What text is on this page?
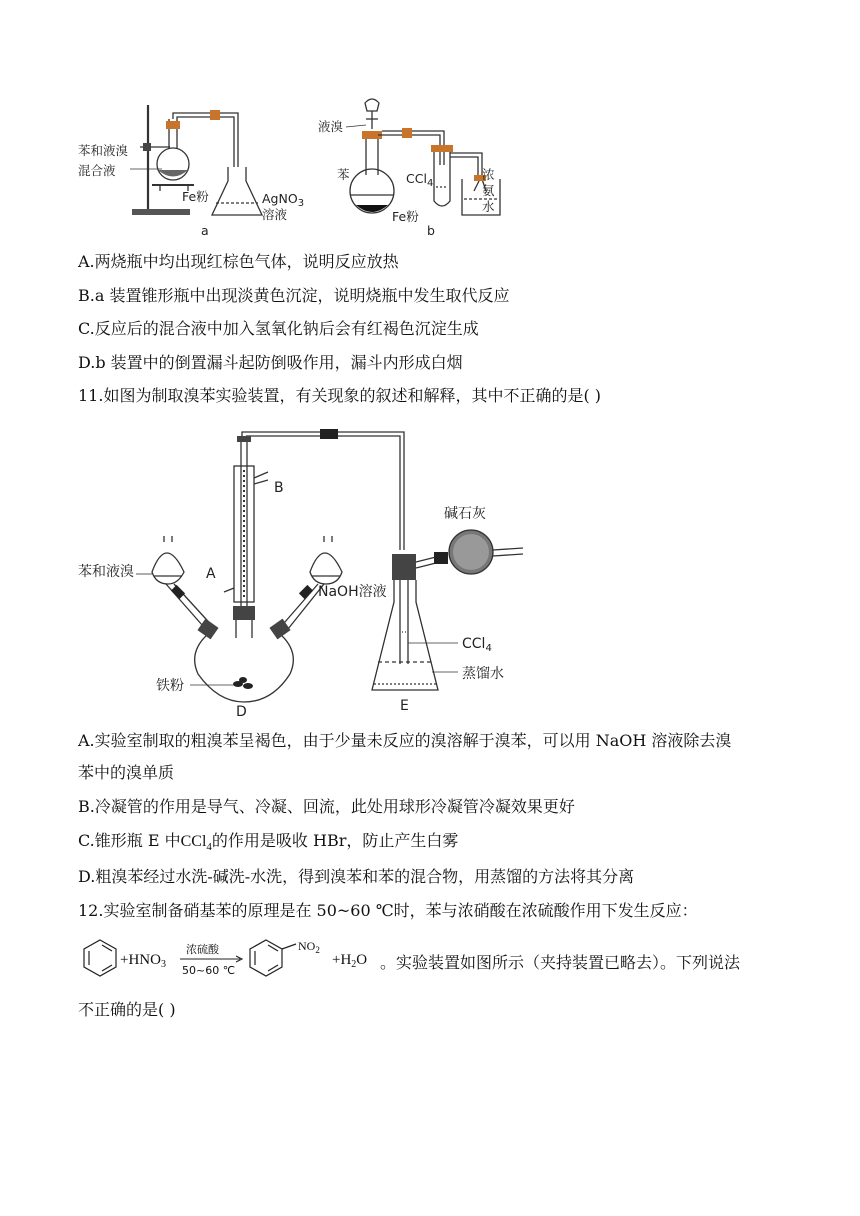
苯和液溴
混合液
Fe粉	AgNO$_3$
溶液
a
液溴
苯
Fe粉
CCl$_4$
浓
氨
水
b
A.两烧瓶中均出现红棕色气体，说明反应放热
B.a 装置锥形瓶中出现淡黄色沉淀，说明烧瓶中发生取代反应
C.反应后的混合液中加入氢氧化钠后会有红褐色沉淀生成
D.b 装置中的倒置漏斗起防倒吸作用，漏斗内形成白烟
11.如图为制取溴苯实验装置，有关现象的叙述和解释，其中不正确的是( )
B
A
苯和液溴
NaOH溶液
铁粉
D	E
碱石灰
CCl$_4$
蒸馏水
A.实验室制取的粗溴苯呈褐色，由于少量未反应的溴溶解于溴苯，可以用 NaOH 溶液除去溴
苯中的溴单质
B.冷凝管的作用是导气、冷凝、回流，此处用球形冷凝管冷凝效果更好
C.锥形瓶 E 中CCl$_4$的作用是吸收 HBr，防止产生白雾
D.粗溴苯经过水洗-碱洗-水洗，得到溴苯和苯的混合物，用蒸馏的方法将其分离
12.实验室制备硝基苯的原理是在 50~60 ℃时，苯与浓硝酸在浓硫酸作用下发生反应：
$+HNO_3$
浓硫酸
50~60 ℃
$NO_2$
$+H_2O$ 。实验装置如图所示（夹持装置已略去）。下列说法
不正确的是( )
